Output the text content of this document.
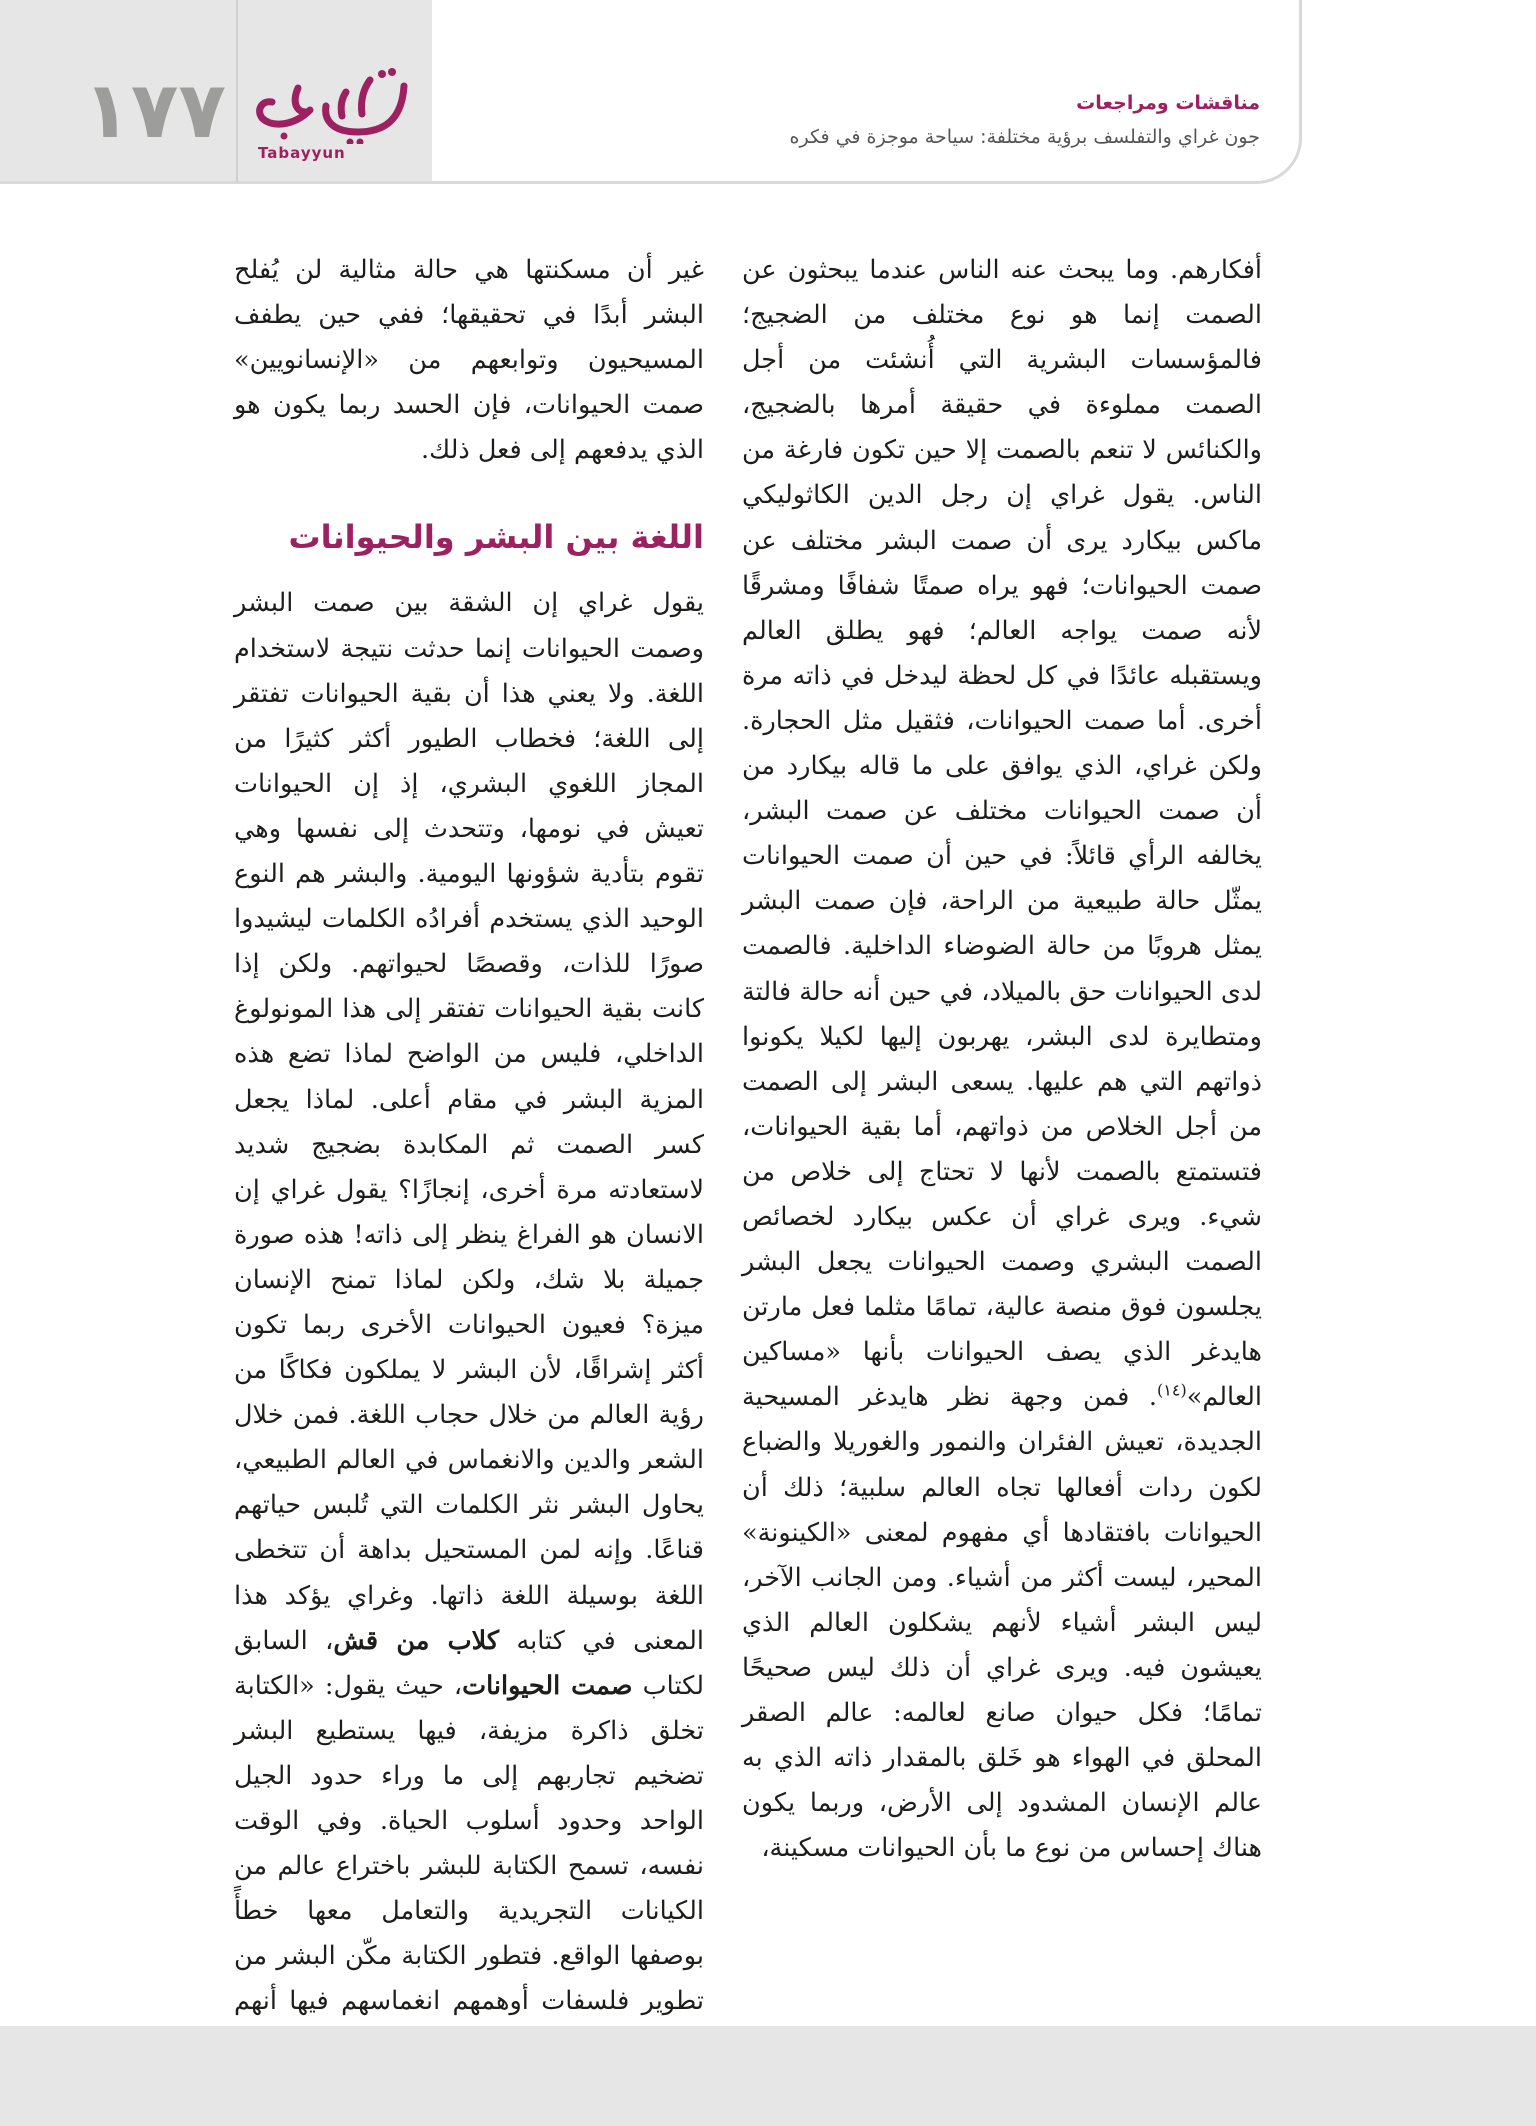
١٧٧ Tabayyun
مناقشات ومراجعات
جون غراي والتفلسف برؤية مختلفة: سياحة موجزة في فكره

أفكارهم. وما يبحث عنه الناس عندما يبحثون عن الصمت إنما هو نوع مختلف من الضجيج؛ فالمؤسسات البشرية التي أُنشئت من أجل الصمت مملوءة في حقيقة أمرها بالضجيج، والكنائس لا تنعم بالصمت إلا حين تكون فارغة من الناس. يقول غراي إن رجل الدين الكاثوليكي ماكس بيكارد يرى أن صمت البشر مختلف عن صمت الحيوانات؛ فهو يراه صمتًا شفافًا ومشرقًا لأنه صمت يواجه العالم؛ فهو يطلق العالم ويستقبله عائدًا في كل لحظة ليدخل في ذاته مرة أخرى. أما صمت الحيوانات، فثقيل مثل الحجارة. ولكن غراي، الذي يوافق على ما قاله بيكارد من أن صمت الحيوانات مختلف عن صمت البشر، يخالفه الرأي قائلاً: في حين أن صمت الحيوانات يمثّل حالة طبيعية من الراحة، فإن صمت البشر يمثل هروبًا من حالة الضوضاء الداخلية. فالصمت لدى الحيوانات حق بالميلاد، في حين أنه حالة فالتة ومتطايرة لدى البشر، يهربون إليها لكيلا يكونوا ذواتهم التي هم عليها. يسعى البشر إلى الصمت من أجل الخلاص من ذواتهم، أما بقية الحيوانات، فتستمتع بالصمت لأنها لا تحتاج إلى خلاص من شيء. ويرى غراي أن عكس بيكارد لخصائص الصمت البشري وصمت الحيوانات يجعل البشر يجلسون فوق منصة عالية، تمامًا مثلما فعل مارتن هايدغر الذي يصف الحيوانات بأنها «مساكين العالم»$^{(١٤)}$. فمن وجهة نظر هايدغر المسيحية الجديدة، تعيش الفئران والنمور والغوريلا والضباع لكون ردات أفعالها تجاه العالم سلبية؛ ذلك أن الحيوانات بافتقادها أي مفهوم لمعنى «الكينونة» المحير، ليست أكثر من أشياء. ومن الجانب الآخر، ليس البشر أشياء لأنهم يشكلون العالم الذي يعيشون فيه. ويرى غراي أن ذلك ليس صحيحًا تمامًا؛ فكل حيوان صانع لعالمه: عالم الصقر المحلق في الهواء هو خَلق بالمقدار ذاته الذي به عالم الإنسان المشدود إلى الأرض، وربما يكون هناك إحساس من نوع ما بأن الحيوانات مسكينة،

غير أن مسكنتها هي حالة مثالية لن يُفلح البشر أبدًا في تحقيقها؛ ففي حين يطفف المسيحيون وتوابعهم من «الإنسانويين» صمت الحيوانات، فإن الحسد ربما يكون هو الذي يدفعهم إلى فعل ذلك.

اللغة بين البشر والحيوانات

يقول غراي إن الشقة بين صمت البشر وصمت الحيوانات إنما حدثت نتيجة لاستخدام اللغة. ولا يعني هذا أن بقية الحيوانات تفتقر إلى اللغة؛ فخطاب الطيور أكثر كثيرًا من المجاز اللغوي البشري، إذ إن الحيوانات تعيش في نومها، وتتحدث إلى نفسها وهي تقوم بتأدية شؤونها اليومية. والبشر هم النوع الوحيد الذي يستخدم أفرادُه الكلمات ليشيدوا صورًا للذات، وقصصًا لحيواتهم. ولكن إذا كانت بقية الحيوانات تفتقر إلى هذا المونولوغ الداخلي، فليس من الواضح لماذا تضع هذه المزية البشر في مقام أعلى. لماذا يجعل كسر الصمت ثم المكابدة بضجيج شديد لاستعادته مرة أخرى، إنجازًا؟ يقول غراي إن الانسان هو الفراغ ينظر إلى ذاته! هذه صورة جميلة بلا شك، ولكن لماذا تمنح الإنسان ميزة؟ فعيون الحيوانات الأخرى ربما تكون أكثر إشراقًا، لأن البشر لا يملكون فكاكًا من رؤية العالم من خلال حجاب اللغة. فمن خلال الشعر والدين والانغماس في العالم الطبيعي، يحاول البشر نثر الكلمات التي تُلبس حياتهم قناعًا. وإنه لمن المستحيل بداهة أن تتخطى اللغة بوسيلة اللغة ذاتها. وغراي يؤكد هذا المعنى في كتابه كلاب من قش، السابق لكتاب صمت الحيوانات، حيث يقول: «الكتابة تخلق ذاكرة مزيفة، فيها يستطيع البشر تضخيم تجاربهم إلى ما وراء حدود الجيل الواحد وحدود أسلوب الحياة. وفي الوقت نفسه، تسمح الكتابة للبشر باختراع عالم من الكيانات التجريدية والتعامل معها خطأً بوصفها الواقع. فتطور الكتابة مكّن البشر من تطوير فلسفات أوهمهم انغماسهم فيها أنهم
